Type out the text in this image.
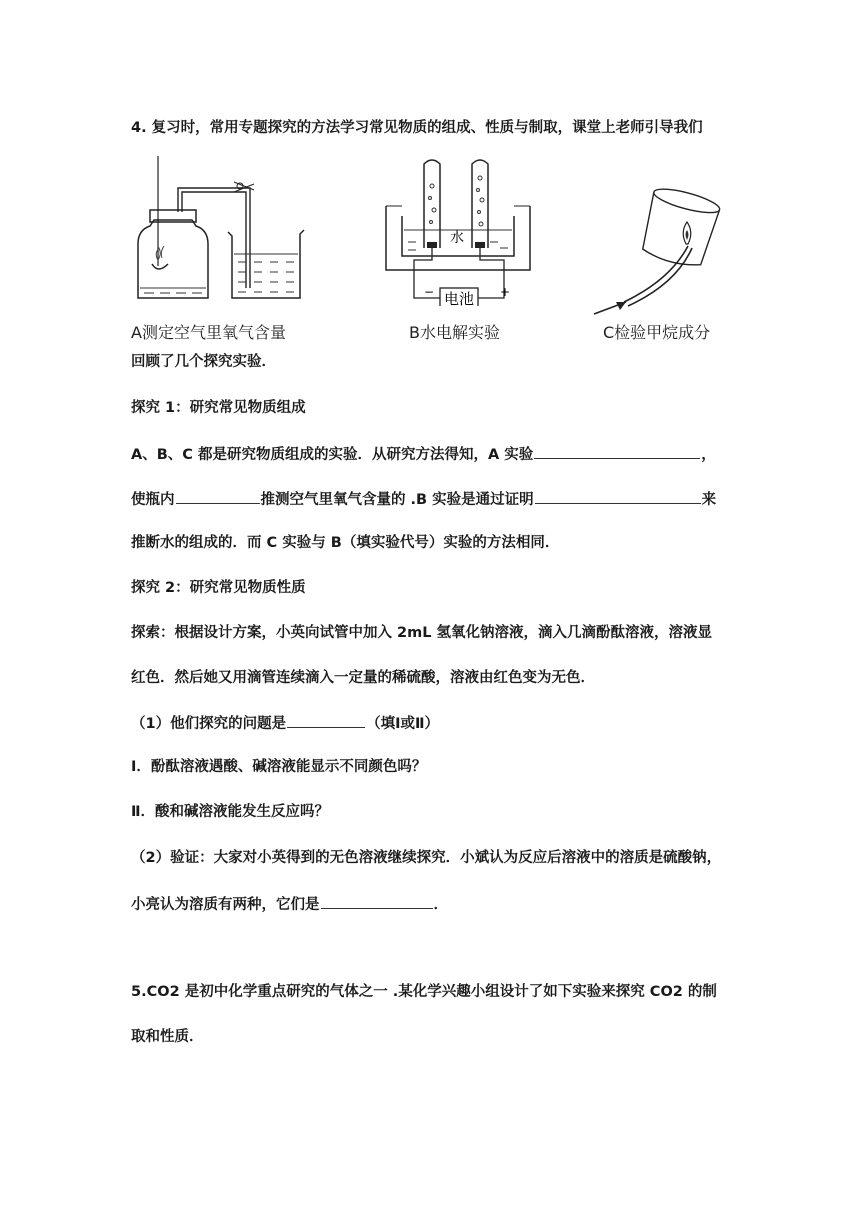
4. 复习时，常用专题探究的方法学习常见物质的组成、性质与制取，课堂上老师引导我们
A测定空气里氧气含量
水
电池
−	+
B水电解实验	C检验甲烷成分
回顾了几个探究实验．
探究 1：研究常见物质组成
A、B、C 都是研究物质组成的实验．从研究方法得知，A 实验	，
使瓶内	推测空气里氧气含量的 .B 实验是通过证明	来
推断水的组成的．而 C 实验与 B（填实验代号）实验的方法相同．
探究 2：研究常见物质性质
探索：根据设计方案，小英向试管中加入 2mL 氢氧化钠溶液，滴入几滴酚酞溶液，溶液显
红色．然后她又用滴管连续滴入一定量的稀硫酸，溶液由红色变为无色．
（1）他们探究的问题是	（填Ⅰ或Ⅱ）
Ⅰ．酚酞溶液遇酸、碱溶液能显示不同颜色吗？
Ⅱ．酸和碱溶液能发生反应吗？
（2）验证：大家对小英得到的无色溶液继续探究．小斌认为反应后溶液中的溶质是硫酸钠，
小亮认为溶质有两种，它们是	．
5.CO2 是初中化学重点研究的气体之一 .某化学兴趣小组设计了如下实验来探究 CO2 的制
取和性质．
